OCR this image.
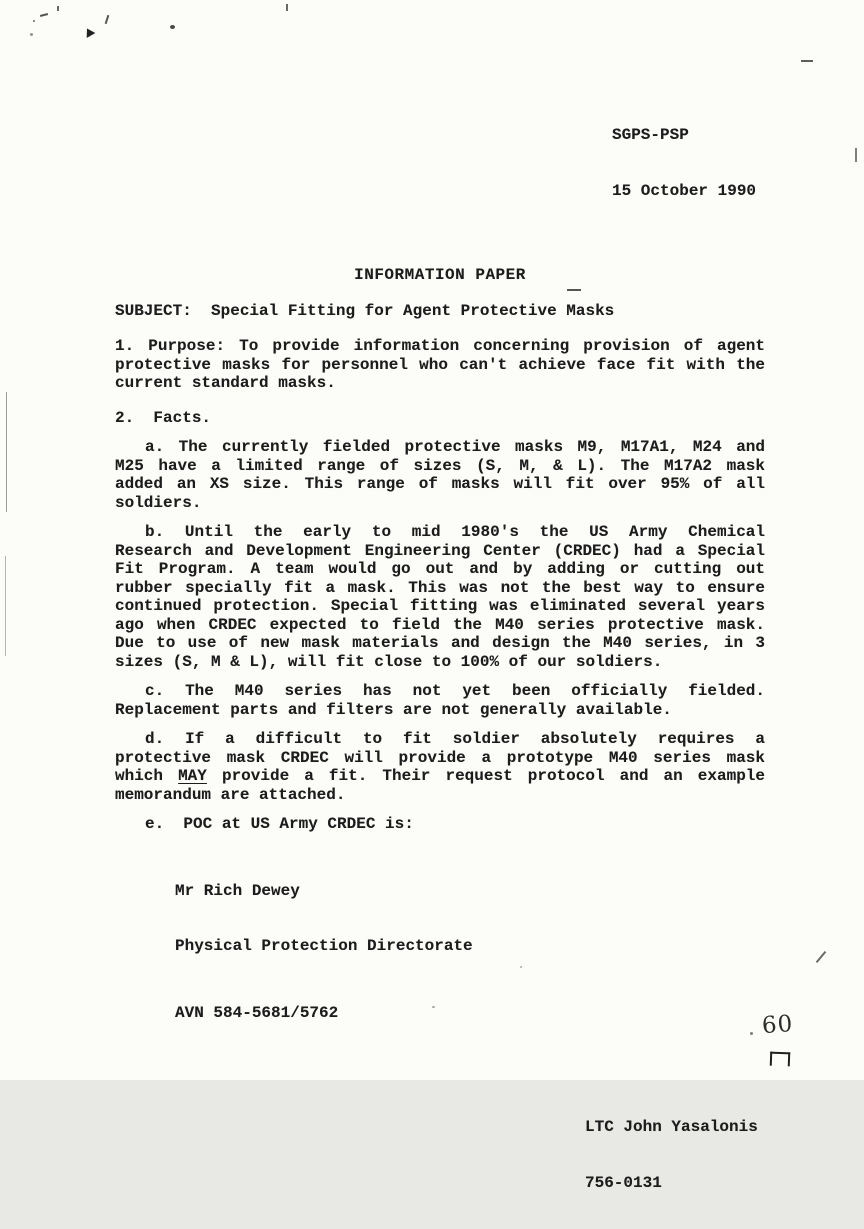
SGPS-PSP

15 October 1990

INFORMATION PAPER
SUBJECT:  Special Fitting for Agent Protective Masks
1. Purpose: To provide information concerning provision of agent
protective masks for personnel who can't achieve face fit with the
current standard masks.
2.  Facts.
a. The currently fielded protective masks M9, M17A1, M24 and
M25 have a limited range of sizes (S, M, & L). The M17A2 mask
added an XS size. This range of masks will fit over 95% of all
soldiers.
b. Until the early to mid 1980's the US Army Chemical
Research and Development Engineering Center (CRDEC) had a Special
Fit Program. A team would go out and by adding or cutting out
rubber specially fit a mask. This was not the best way to ensure
continued protection. Special fitting was eliminated several years
ago when CRDEC expected to field the M40 series protective mask.
Due to use of new mask materials and design the M40 series, in 3
sizes (S, M & L), will fit close to 100% of our soldiers.
c. The M40 series has not yet been officially fielded.
Replacement parts and filters are not generally available.
d. If a difficult to fit soldier absolutely requires a
protective mask CRDEC will provide a prototype M40 series mask
which MAY provide a fit. Their request protocol and an example
memorandum are attached.
e.  POC at US Army CRDEC is:

Mr Rich Dewey

Physical Protection Directorate

AVN 584-5681/5762

LTC John Yasalonis

756-0131

60
